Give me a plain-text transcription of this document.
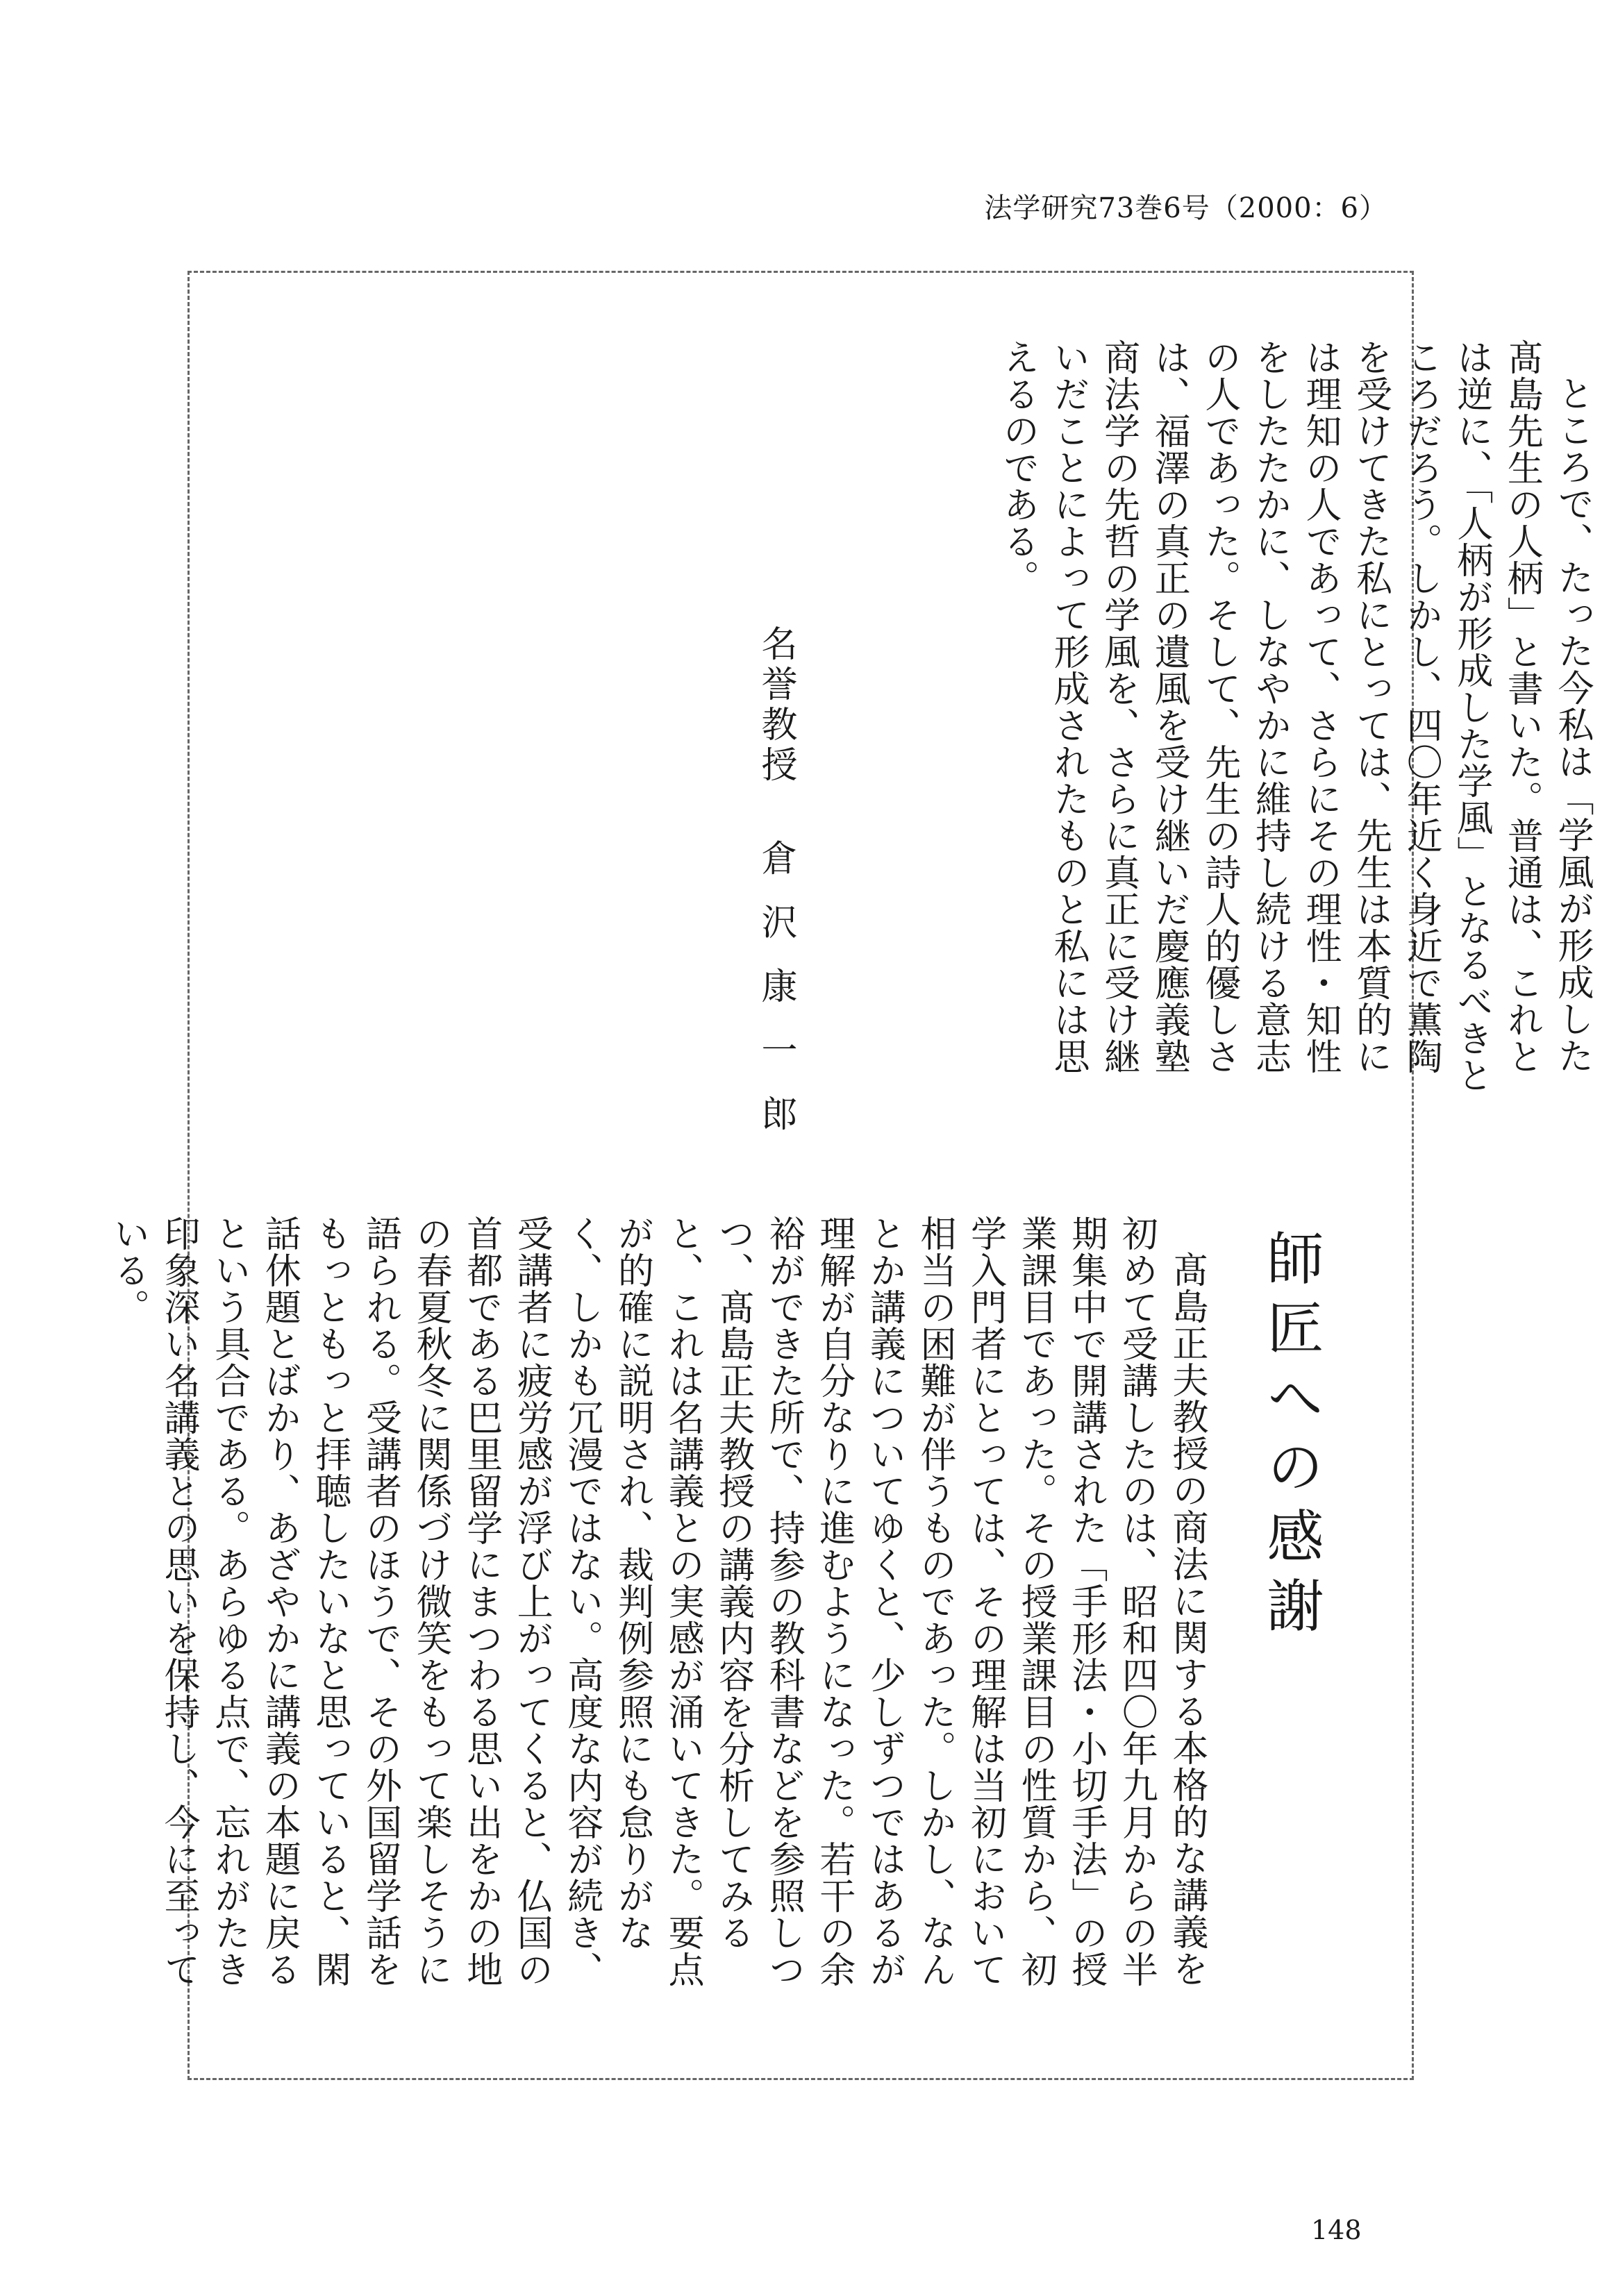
法学研究73巻6号（2000：6）

ところで、たった今私は「学風が形成した髙島先生の人柄」と書いた。普通は、これとは逆に、「人柄が形成した学風」となるべきところだろう。しかし、四〇年近く身近で薫陶を受けてきた私にとっては、先生は本質的には理知の人であって、さらにその理性・知性をしたたかに、しなやかに維持し続ける意志の人であった。そして、先生の詩人的優しさは、福澤の真正の遺風を受け継いだ慶應義塾商法学の先哲の学風を、さらに真正に受け継いだことによって形成されたものと私には思えるのである。

名誉教授 倉沢康一郎
師匠への感謝

髙島正夫教授の商法に関する本格的な講義を初めて受講したのは、昭和四〇年九月からの半期集中で開講された「手形法・小切手法」の授業課目であった。その授業課目の性質から、初学入門者にとっては、その理解は当初において相当の困難が伴うものであった。しかし、なんとか講義についてゆくと、少しずつではあるが理解が自分なりに進むようになった。若干の余裕ができた所で、持参の教科書などを参照しつつ、髙島正夫教授の講義内容を分析してみると、これは名講義との実感が涌いてきた。要点が的確に説明され、裁判例参照にも怠りがなく、しかも冗漫ではない。高度な内容が続き、受講者に疲労感が浮び上がってくると、仏国の首都である巴里留学にまつわる思い出をかの地の春夏秋冬に関係づけ微笑をもって楽しそうに語られる。受講者のほうで、その外国留学話をもっともっと拝聴したいなと思っていると、閑話休題とばかり、あざやかに講義の本題に戻るという具合である。あらゆる点で、忘れがたき印象深い名講義との思いを保持し、今に至っている。

148
